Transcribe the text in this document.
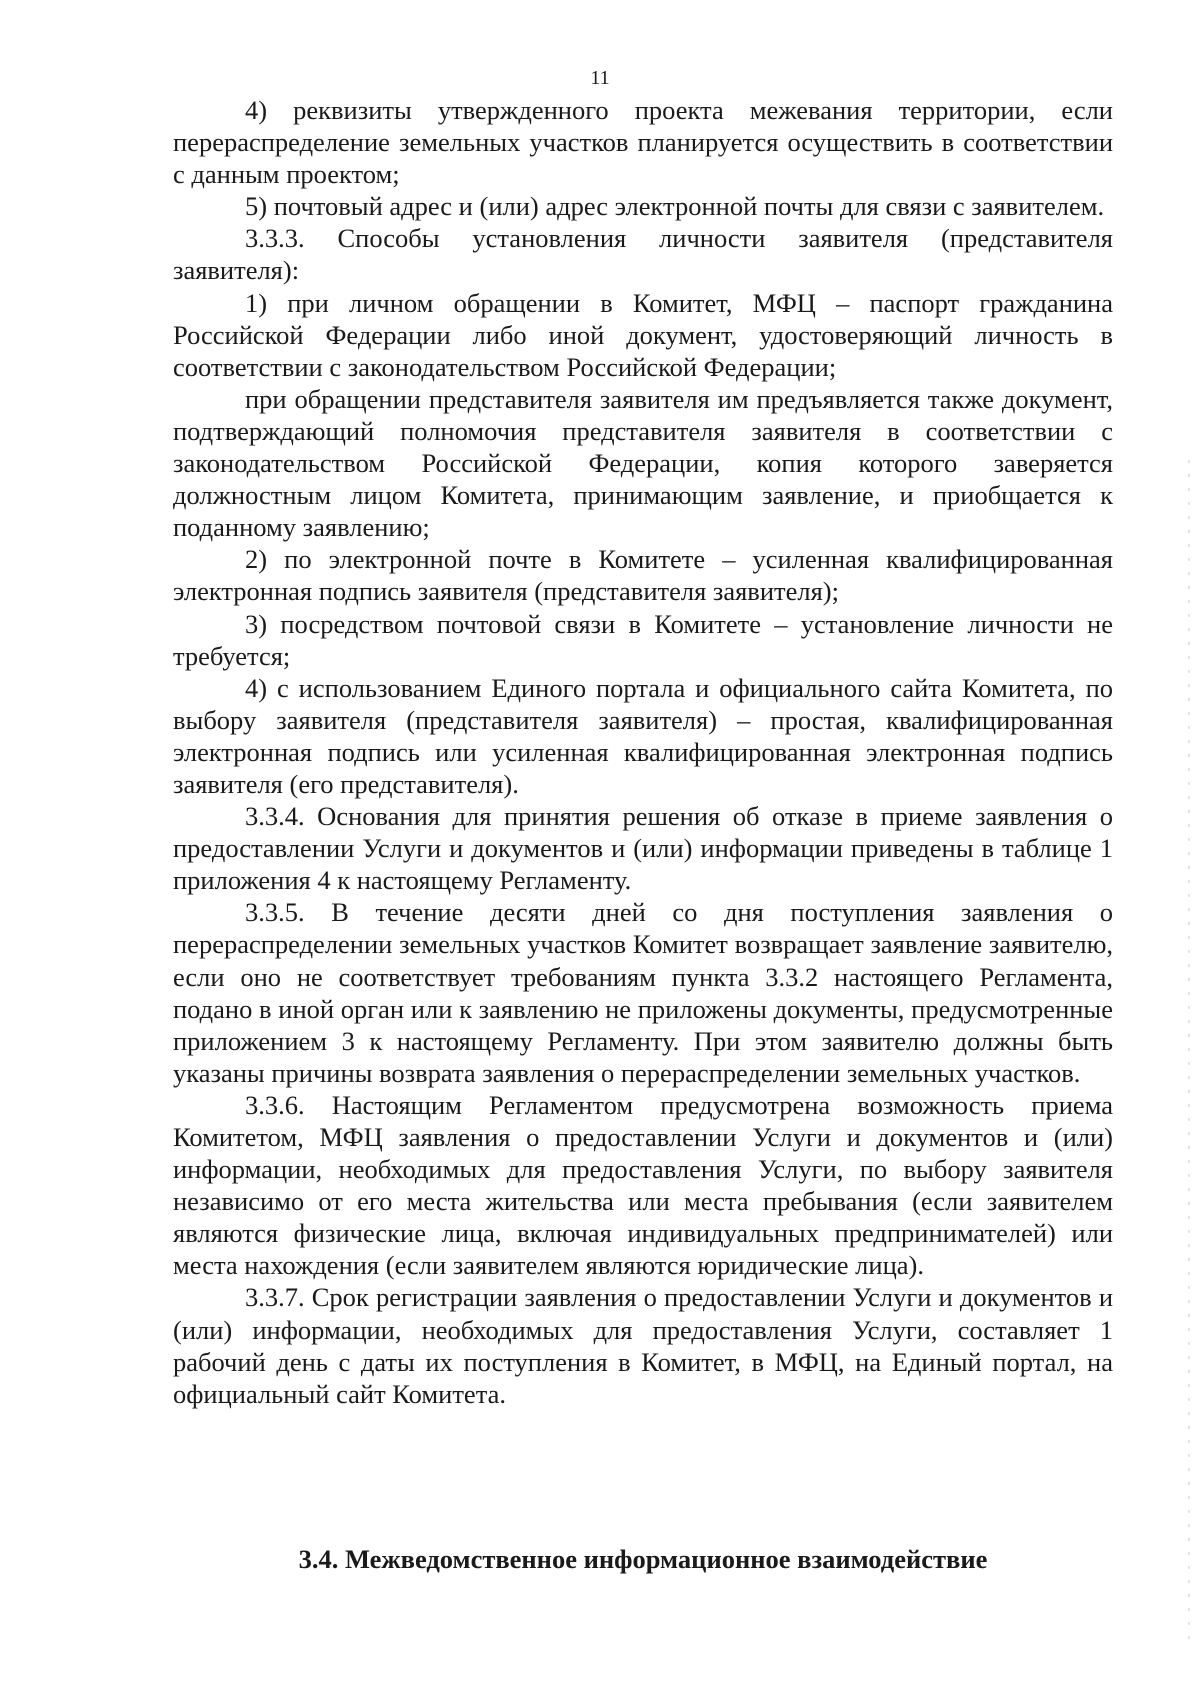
11

4) реквизиты утвержденного проекта межевания территории, если перераспределение земельных участков планируется осуществить в соответствии с данным проектом;

5) почтовый адрес и (или) адрес электронной почты для связи с заявителем.

3.3.3. Способы установления личности заявителя (представителя заявителя):

1) при личном обращении в Комитет, МФЦ – паспорт гражданина Российской Федерации либо иной документ, удостоверяющий личность в соответствии с законодательством Российской Федерации;

при обращении представителя заявителя им предъявляется также документ, подтверждающий полномочия представителя заявителя в соответствии с законодательством Российской Федерации, копия которого заверяется должностным лицом Комитета, принимающим заявление, и приобщается к поданному заявлению;

2) по электронной почте в Комитете – усиленная квалифицированная электронная подпись заявителя (представителя заявителя);

3) посредством почтовой связи в Комитете – установление личности не требуется;

4) с использованием Единого портала и официального сайта Комитета, по выбору заявителя (представителя заявителя) – простая, квалифицированная электронная подпись или усиленная квалифицированная электронная подпись заявителя (его представителя).

3.3.4. Основания для принятия решения об отказе в приеме заявления о предоставлении Услуги и документов и (или) информации приведены в таблице 1 приложения 4 к настоящему Регламенту.

3.3.5. В течение десяти дней со дня поступления заявления о перераспределении земельных участков Комитет возвращает заявление заявителю, если оно не соответствует требованиям пункта 3.3.2 настоящего Регламента, подано в иной орган или к заявлению не приложены документы, предусмотренные приложением 3 к настоящему Регламенту. При этом заявителю должны быть указаны причины возврата заявления о перераспределении земельных участков.

3.3.6. Настоящим Регламентом предусмотрена возможность приема Комитетом, МФЦ заявления о предоставлении Услуги и документов и (или) информации, необходимых для предоставления Услуги, по выбору заявителя независимо от его места жительства или места пребывания (если заявителем являются физические лица, включая индивидуальных предпринимателей) или места нахождения (если заявителем являются юридические лица).

3.3.7. Срок регистрации заявления о предоставлении Услуги и документов и (или) информации, необходимых для предоставления Услуги, составляет 1 рабочий день с даты их поступления в Комитет, в МФЦ, на Единый портал, на официальный сайт Комитета.

3.4. Межведомственное информационное взаимодействие
